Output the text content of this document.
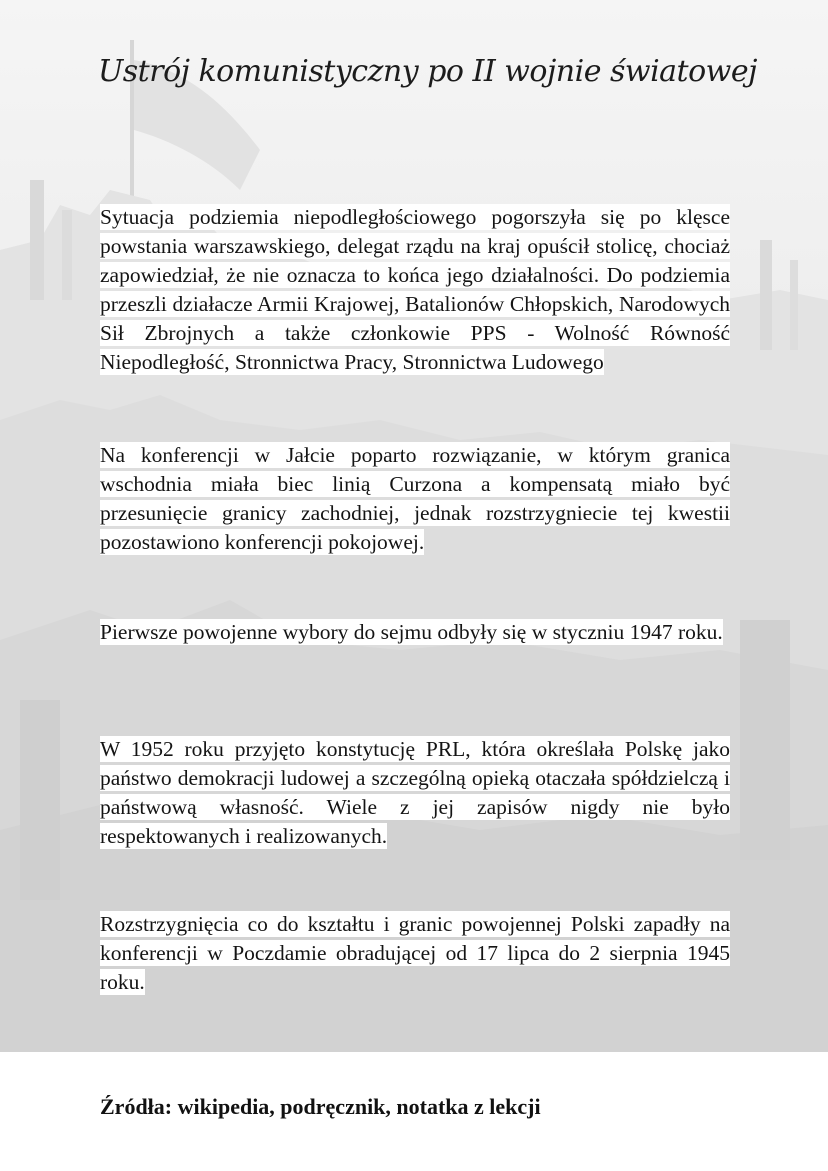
Ustrój komunistyczny po II wojnie światowej
Sytuacja podziemia niepodległościowego pogorszyła się po klęsce powstania warszawskiego, delegat rządu na kraj opuścił stolicę, chociaż zapowiedział, że nie oznacza to końca jego działalności. Do podziemia przeszli działacze Armii Krajowej, Batalionów Chłopskich, Narodowych Sił Zbrojnych a także członkowie PPS - Wolność Równość Niepodległość, Stronnictwa Pracy, Stronnictwa Ludowego
Na konferencji w Jałcie poparto rozwiązanie, w którym granica wschodnia miała biec linią Curzona a kompensatą miało być przesunięcie granicy zachodniej, jednak rozstrzygniecie tej kwestii pozostawiono konferencji pokojowej.
Pierwsze powojenne wybory do sejmu odbyły się w styczniu 1947 roku.
W 1952 roku przyjęto konstytucję PRL, która określała Polskę jako państwo demokracji ludowej a szczególną opieką otaczała spółdzielczą i państwową własność. Wiele z jej zapisów nigdy nie było respektowanych i realizowanych.
Rozstrzygnięcia co do kształtu i granic powojennej Polski zapadły na konferencji w Poczdamie obradującej od 17 lipca do 2 sierpnia 1945 roku.
Źródła: wikipedia, podręcznik, notatka z lekcji
